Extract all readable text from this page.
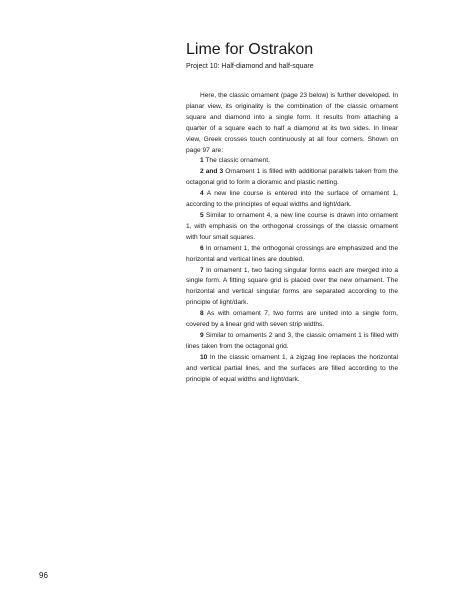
Lime for Ostrakon
Project 10: Half-diamond and half-square

Here, the classic ornament (page 23 below) is further developed. In planar view, its originality is the combination of the classic ornament square and diamond into a single form. It results from attaching a quarter of a square each to half a diamond at its two sides. In linear view, Greek crosses touch continuously at all four corners. Shown on page 97 are:

1 The classic ornament.

2 and 3 Ornament 1 is filled with additional parallels taken from the octagonal grid to form a dioramic and plastic netting.

4 A new line course is entered into the surface of ornament 1, according to the principles of equal widths and light/dark.

5 Similar to ornament 4, a new line course is drawn into ornament 1, with emphasis on the orthogonal crossings of the classic ornament with four small squares.

6 In ornament 1, the orthogonal crossings are emphasized and the horizontal and vertical lines are doubled.

7 In ornament 1, two facing singular forms each are merged into a single form. A fitting square grid is placed over the new ornament. The horizontal and vertical singular forms are separated according to the principle of light/dark.

8 As with ornament 7, two forms are united into a single form, covered by a linear grid with seven strip widths.

9 Similar to ornaments 2 and 3, the classic ornament 1 is filled with lines taken from the octagonal grid.

10 In the classic ornament 1, a zigzag line replaces the horizontal and vertical partial lines, and the surfaces are filled according to the principle of equal widths and light/dark.

96
